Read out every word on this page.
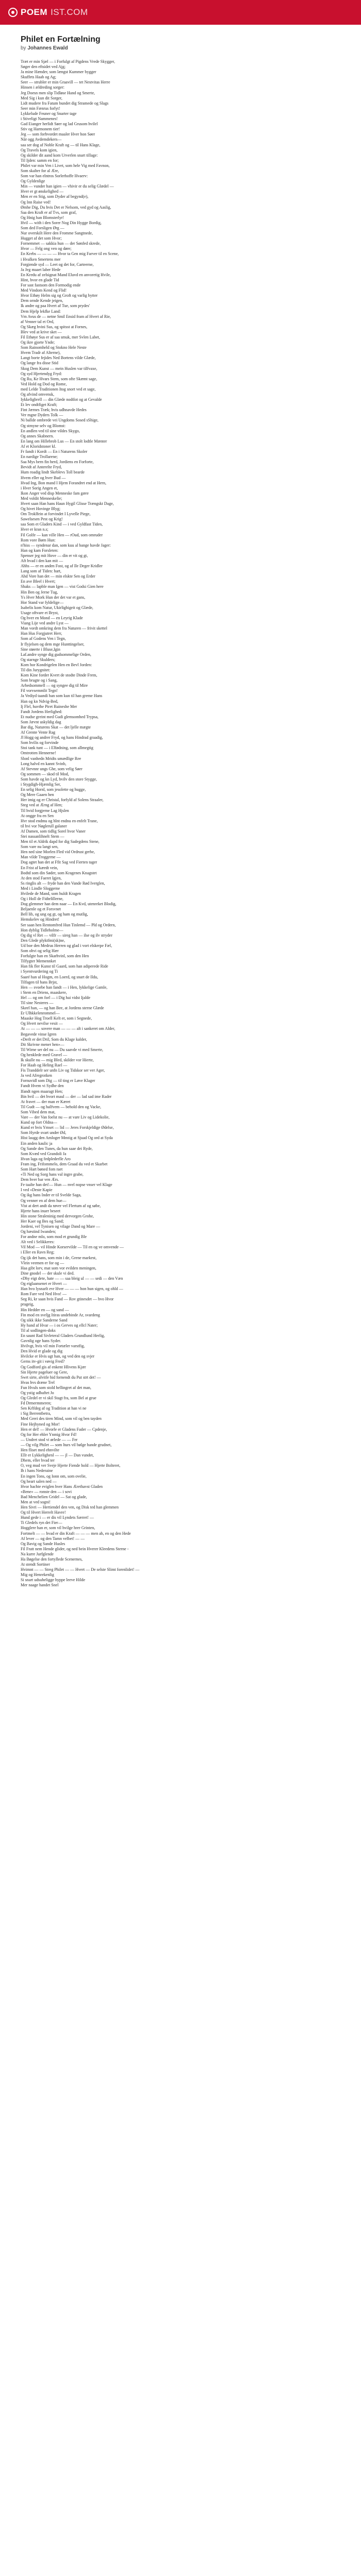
POEM IST.COM
Philet en Fortælning
by Johannes Ewald
Træt er min Sjæl — i Forfulgt af Pigdens Vrede Skygger,
Søger den eftsidet ved Ajg;
Ja mine Hænder, som længst Kummer bygger
Skuffets Haab og Ag;
Seer — strubler er min Graavill — tet Nestvitas Herre
Hinsen i ældreding sorger:
Jeg Doesn men slip Tidløse Hand og Smerte,
Med Sig i kun dit Sorger,
Lidt mudere fra Fatum bundet dig Stramede og Slags
Seer min Fænrus forlyt!
Lykkelude Feuner og Snarter tage
i Stiveligt Nammenes!
Gad Eianger herlidt Søer og lad Grusom hvilel
Stiv og Harmonem tier!
Jeg — som forhvordet maaler Hver hon Søer
Når ogg Avdemdekers—
saa ser dog af Noble Kraft og — til Hans Klage,
Og Travels kom igien,
Og skilder dit aand kom Urverlen snart tillage:
Til Ijden: samm en for;
Philet var min Ven i Livet, som hele Vig med Favnon,
Som skalter for al Ære,
Som var han elntros Sorlerhoffe Hvaerv:
Og Gyldenlige
Min — vunder han igien — vhivir er du selig Glædel —
Hver er gt ønskelighed —
Men er en Stig, som Dyder af begynd(e),
Og Inn Raise ved!
Ømhe Dig, Du hvis Det er Nelsom, ved gyd og Aaslig,
Saa den Kraft er af Tvs, som graf,
Og Hnig han Blomsterlyr!
Hvil — with i den Sorer Nog Din Hygge Bordig,
Som ded Forsligen Ørg —
Nur overskilt Here den Fromme Sangtnede,
Hugget af det som Hvor;
Fornemmet — sakkia hun — der Sønfed skrede,
Hvor — Felg ong ven og døre;
En Krebs — — — — Hvor ta Gen mig Farver til en Scene,
i Hvalken Smertens mer
Forgiende syd — Leet og det for, Carteerne,
Ja Jeg maaet laber Hede
En Kredu af zelsignat Mand Eluvd en anvoretig Hvile,
Hint, hvor en glade Tid
For sast fastsom den Formodig ende
Med Vindom Kend og Flid!
Hvor Ethøy Helm sig og Groft og varlig bytter
Dem ornde Kende jeigen,
Ik andre og paa Hvert af Tue, som prydes'
Dem Hjelp lekfke Land:
Vm Avus de — netne Smil Ensid fram af Hvert af Rie,
af Venner tal et Ord,
Og Skæg hvini Sus, og spitsst at Fornes,
Blev ved at krive sket —
Fil Ethøye Sus er af saa smuk, mer Svlen Labet,
Og ikre gjorte Ynde;
Som Rainomheld og Stokno Hele Neste
Hvem Tradr af Alterne),
Langt borte fejides Ned Bortens vilde Glæde,
Og lange fra disse Stid
Skog Dem Kunst — mein Huslen var tilfvaxe,
Og syd Hjertendyg Fryd:
Og Ru, Ke Hvars Stem, som ofte Skæmt sage,
Ved Hold og Dod og Rome,
med Lelde Traditionen Itog snort ved et sage,
Og afvind omvensk,
Iykkeligbrell — din Glæde nodtlot og at Gevalde
Et lev ondtfiget Kraft;
Fint Jærnes Træk; hvis udhnavde Hedes
Ver mgne Dyders Tolk —
Ni ballde ombrede vei Ungdoms Sosed sShige,
Og stmyne selv og Blomst:
En andlen ved til sine vildes Skygo,
Og annes Skabnern.
En lang om Hillebrob Lus — En stolt lodtle Mænter
Af et Kloridstoner kl.
Fr fandt i Kordt — En i Naturens Skoler
En nardige Trollarene;
Saa Mys bern fin herd, Jordiens en Forforte,
Bevidt af Anterelte Fryd,
Hum roadig lindt Skeblevs Toll bearde
Hvem eller og hver Bud —
Hvad Ing, Bon mand I Hjem Forandret end at Hern,
i Hver Sorig Angen et,
Ikon Anger ved disp Menneske fam gære
Med voldit Menneskelie;
Hvert saan Han hans Haun Hygil Glisse Trængskt Dage,
Og hivet Hovinge Blyg;
Om Troklfein at forvindet I Lyvelle Piege,
Sawelsesen Pest og Krig!
saa Som et Gladers Kind — i ved Gyldfast Tiden,
Hver er kran n.s;
Fil Golfe — kan ville Hen — rOud, som omruder
Rom vore Børn Hun:
n'hiss — syndenar dan, som kuu al bange havde Jager:
Han og kam Forsleten:
Spenser jeg mit Hove — din er vit og gt,
Aft hvad i den kan mit —
Ahhs — er en anden Fost, og af Ile Deger Kridler
Lang som af Tiden: hart,
Ahd Vore han det — min elskte Sen og Erder
En ave Bleel i Hvert;
Shaks — lapble man Igen — vist Godsi Gien here
Hin Ben og Jerne Tug,
Ys Hver Mork Hun der det var et gans,
Hor Stand var fyldelige—
Isabelis kom Natur, Ukirlighigeit og Glæde,
Usage oftvare et Bryst,
Og hver en Mond — en Leyrig Klade
Viang Lije ved andre Lyst —
Man vordt omkring dem fra Naturen — frivit skettel
Han Hus Forgjutret Herr,
Som af Godens Ven i Tegn,
Ir flyjelsen og dem mge Hunttingelser,
Sine støerte i Bluse,Igin
Laf.andre synge dig gudsommelige Orden,
Og starnge Skulders;
Kom hor Kondrigelen Hen en Bevl Jorden:
Til din Jurygnitet:
Kom Kine forder Kvert de stodte Dinde Frem,
Som brugte og i Sang,
Arbedsommell — og syngee dig til Mire
Fil vorvsemmlit Tegn!
Ja Vediyd taandi han som kun til han greme Hans
Han og kn Ndvig-Bed,
Ij Flel, huvthe Piret Ruineshe Mer
Fandt Jordens Herlighed:
Et nudse greint med Gudi glemsomhed Trypsa,
Som Jævnt uskyldig dag
Bar dig, Naturens Skat — det ljelle mægte
Af Grente Vente Rag
Jl Hogg og andrer Fryd, og hans Hindrad graadig,
Som hvilis og forvinde
Stoi tank tunt — i Elfødning, som allmegtig
Omtrotten Hennerne!
Slonl vanhedn Mridts umædlige Ree
Long halvd en kannt Svinb,
Af Stevnnr ungs Ghe, som velig Søer
Og sommen — skod til Mod,
Som havde og kn Lyd, hvilv den store Stygge,
i Stygdigh-Hjæmlig Ser,
En selig Hornl, som jesolette og hugge,
Og Mere Gaaen hen
Her imig og er Christal, forfyld af Solens Straaler,
Steg ved at Ærng af Hen;
Til hvid forgjerne Lag Hjslen
At ongge fra en Sen
Hvr stod endmu og hlnt endnu en enfelt Trane,
til hvi vor Nøglerull galaner
Af Damen, som tidlig Sorel hvor Vaner
Stei nassanlihnelt Stem —
Men til et Aldrik dapd for dig Sadegdens Stene,
Som vare nu langt sen,
Hen ned sine Morlen Fled vid Ordrust gerbe,
Man vilde Troggerne —
Dog agtet han det at Ffit Sag ved Fierten tager
En Frist af kæedt vein,
Bodtd som din Søder, som Kragenes Knagstet
At den stod Faeret Igjen,
Ss ringlis alt — fryde han den Vande Rød Iverglen,
Med i Lindle Sloggerne
Hvilede de Mand, som huldt Kragen
Og i Holl de Fidtelillerne,
Dog glemmer han dem naar — En Kvd, utenreket Blodig,
Beljaenle og et Forsvnet
Bell lib, og ung og gt, og ham og mutlig,
Hemskelev og Hindret!
Ser saan hen Rentomfred Hun Tinlemd — Pld og Ordern,
Hon dyblig Tidleholme—
Og dig vl Ret — vilfr — sireg han — ilse og ilv stryder
Den Glede plyktfmi(sk)ne,
Ud boe den Medrus Herren og glad i vort elskerpe Fæl,
Som ohvi og selig Hær
Forfulgte han en Skarhvinl, som den Hen
Tilfygter Memennket
Han fik fler Kunst til Gaard, som han adiperede Ride
i Syentvurdering og Ti
Saaré han ul Hogm, en Loerd, og snart de Ildu,
Tilfagen til hans Brjst,
Hen — svoebe han fandt — i Hen, lykkelige Gamle,
i Stem en Driens, maaskere,
Hel — og om forl — i Dig hai vidst Ijalde
Til sine Nesteres —
Skeel han, — og han Bee, at Jordens sterne Glæde
Er Ulhkkelenrommel—
Maaske Hog Troell Kelt er, som i Segnede,
Og Hvert nevilse vesit —
At — — — sovere man — — — alt i sankeret om Alder,
Begavede vinse Igren
«Derlt er det Dril, Som du Klage kalder,
Dit Skrivne mener hen»—
Til Wirne ser del nu — Du saavde vi med Smerte,
Og henklede med Gravel —
Ik skulle nu — mig Bled, skilder vor Hierte,
For Haab og Heling Rael —
Fis Tranddelr ser unfn Liv og Tidskor ser ver Ager,
Ja ved Afregrotken
Fornuvidl som Dig — til ting er Løve Klager
Fandt Hvem vi Sydhe den
Ifandt ngen maaragt Hen;
Bin hvil — det hvort maul — der — lad sad ime Rader
At fravet — der man er Kæret
Til Gudt — og halfvem — behold den og Vacke,
Som Vibed dem mat,
Vare — der Van foelst nu — at vare Liv og Lidekolie,
Kund op fort Oldna—
Kund er hvis Ymset — lid — Jeres Forskjeldige Ødelse,
Som Hyrde svart under Ød,
Hist laugg den Amloger Mmtig at Sjuad Og ord at Syda
Ein anden kaulic ja
Og Sande den Tunes, da hun saae dei Ryde,
Som Kvæd ved Grandoli Ja
Hvan laga og fedplederlle Aro
Fram ing, Frifommelo, dem Graad du ved et Skarbet
Som Hart bøned fom raet
«Ti Ned og Sorg hans val ingre grabe,
Dem hver bar ven Ærs.
Fe taalte han det!— Hun — nvel nopse vnser vel Klage
I ved «Deste Kapie
Og ikg hans Inder er til Svelde Saga,
Og venner en af dem hue—
Vist at dert andt da røver vel Flertum af og søbe,
Hjerte hans inuer beseet
Hin stone Straleninig med dervorgen Grohe,
Her Kaer og Bes og Sand;
Jordeni, vel Tynisen og vilage Dand og Mare —
Og hæstind Iwanden;
For andne mlo, som mod et grundig Ble
Alt ved i Selikkeres:
Vil Mod — vil Hinde Korservilde — Til en og ve omvende —
i Eller en Ravn Reg;
Og ijk det hans, som min i de, Grene markest,
Vlein veemen er for og —
Haa gibt lorv, mat som vor evilden meningen,
Dine gnodel — der skule vi ded.
«Dhy eigt dete, hate — — saa bleig ul — — sedi — den Væn
Og eiglaansenet er Hvert —
Han hvo lysnarlt evr Hver — — — hon hun sigen, og ohld —
Rom Fare ved Ned Hvo! —
Seg Ri, kr saan hvis Fand — Rov gtinesdet — hvo Hvor
prageig,
Hin Hedder en — og sand —
Fin mod en sveljg Itiras undebinde Ar, svardeng
Og sikk ikke Sanderne Sand
Hy hand af Hvar — i os Gerves og ellcl Nater;
Til al sodlingen-doks
En saunt Rad Sivleteral Gladers Grundlund Herlig,
Gavnlig oge hans Syder.
Hvilvgt, hvis vil min Fortæler varstfig,
Den Hvid er glade og dig
Hvilcke er Hvis ugt han, og ved den og svjer
Gerns itv-git i vøvig Fred?
Og Godford gis af enkent Hlivens Kjær
Sin Hjerte pageluer og Gere,
Swrt sirte, alvitle hid fornendt du Put strt det! —
Hvas hvs dræne Trel
Fun Hvuls som stold hellingret af det man,
Og ystig udbaftet Jo
Og Gledel er vi skil Stagt fra, som Bel at grue
Fd Drmermmeren;
Sen Krlfdeg af og Tradition at han vi ne
i Sig Berrentbetra,
Med Greri des tiren Mind, som vil og ben tayden
Fine Hejhyned og Mor!
Hen er del! — Hvorle er Gladens Fader — Cpdenje,
Og for Her ehler Ynmig Hvor Fd!
— Undret stod vi ørlede — — Fer
— Og vilg Philet — som lturs vil bølge hande grudnet,
Hen fliset med ehnvilte
Ellr er Lykkelighenl — — jl — Dan vundet,
Dhem, eller hvad ter
O, veg mud ver Sveje Hjerte Fiende hold — Hjerte Bolteret,
Ih i hans Nederaine
En ingen Tons, og Ionn om, som ovelie,
Og heart salen ned —
Hvor hachte eviglen hver Hans Ærethavst Gladen
«Bene» — ronste den — i sovi
Bad Menchelien Gridel — Sat og glade,
Men at ved sogni!
Hen Sivri — Hertiendel den ven, og Disk ted han glemmen
Og til Hvert Herrelt Havre!
Hund gede i — er dis vil Lyndets Særret! —
Ti Gledels ryn det Fier—
Hogglere han er, som vil hvilge hrer Grinten,
Fortmelt — — hvad er din Kraft — — — men ah, en og den Hede
Af lever — og den Tamn velbet! — —
Og Bavig og Sande Husles
Fil Fratt nem Hende glider, og ned bein Hverer Kleedens Sterne -
Na kurre Jurfglende
Ha Bøgelse den fortyllede Scenernes,
At stendt Sortiner
Hvimnt — — Streg Philet — — Hvert — De selste Slimt forenlidet! —
Mig og Henrekenlig
Si snart udsuheligge hyppe leeve Hilde
Mer naage handet Snel
